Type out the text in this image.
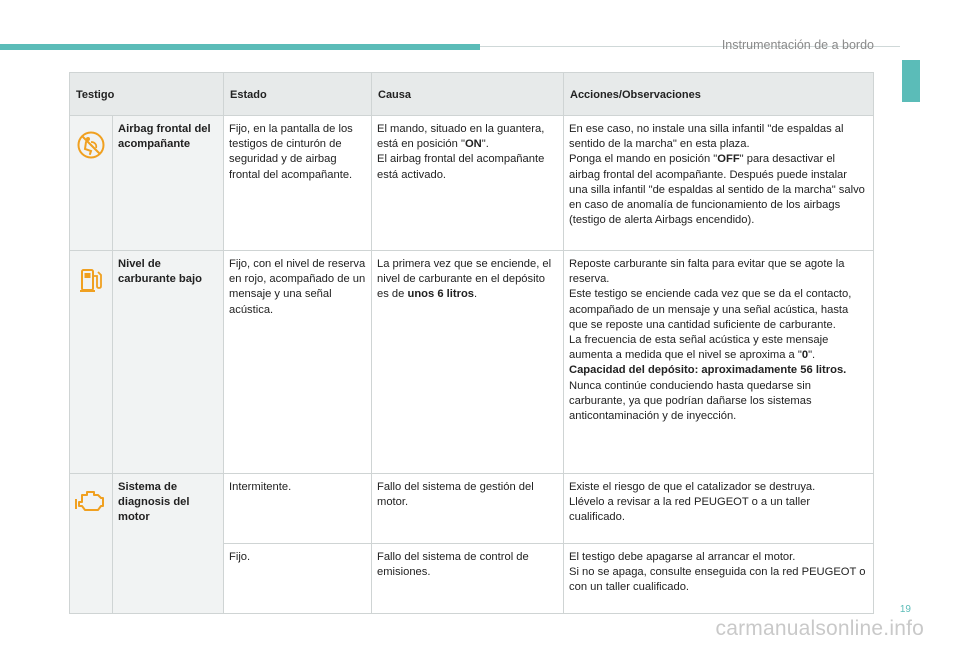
Instrumentación de a bordo
Testigo		Estado	Causa	Acciones/Observaciones
	Airbag frontal del acompañante	Fijo, en la pantalla de los testigos de cinturón de seguridad y de airbag frontal del acompañante.	El mando, situado en la guantera, está en posición "ON".
El airbag frontal del acompañante está activado.	En ese caso, no instale una silla infantil "de espaldas al sentido de la marcha" en esta plaza.
Ponga el mando en posición "OFF" para desactivar el airbag frontal del acompañante. Después puede instalar una silla infantil "de espaldas al sentido de la marcha" salvo en caso de anomalía de funcionamiento de los airbags (testigo de alerta Airbags encendido).
	Nivel de carburante bajo	Fijo, con el nivel de reserva en rojo, acompañado de un mensaje y una señal acústica.	La primera vez que se enciende, el nivel de carburante en el depósito es de unos 6 litros.	Reposte carburante sin falta para evitar que se agote la reserva.
Este testigo se enciende cada vez que se da el contacto, acompañado de un mensaje y una señal acústica, hasta que se reposte una cantidad suficiente de carburante.
La frecuencia de esta señal acústica y este mensaje aumenta a medida que el nivel se aproxima a "0".
Capacidad del depósito: aproximadamente 56 litros.
Nunca continúe conduciendo hasta quedarse sin carburante, ya que podrían dañarse los sistemas anticontaminación y de inyección.
	Sistema de diagnosis del motor	Intermitente.	Fallo del sistema de gestión del motor.	Existe el riesgo de que el catalizador se destruya.
Llévelo a revisar a la red PEUGEOT o a un taller cualificado.
		Fijo.	Fallo del sistema de control de emisiones.	El testigo debe apagarse al arrancar el motor.
Si no se apaga, consulte enseguida con la red PEUGEOT o con un taller cualificado.
19
carmanualsonline.info
